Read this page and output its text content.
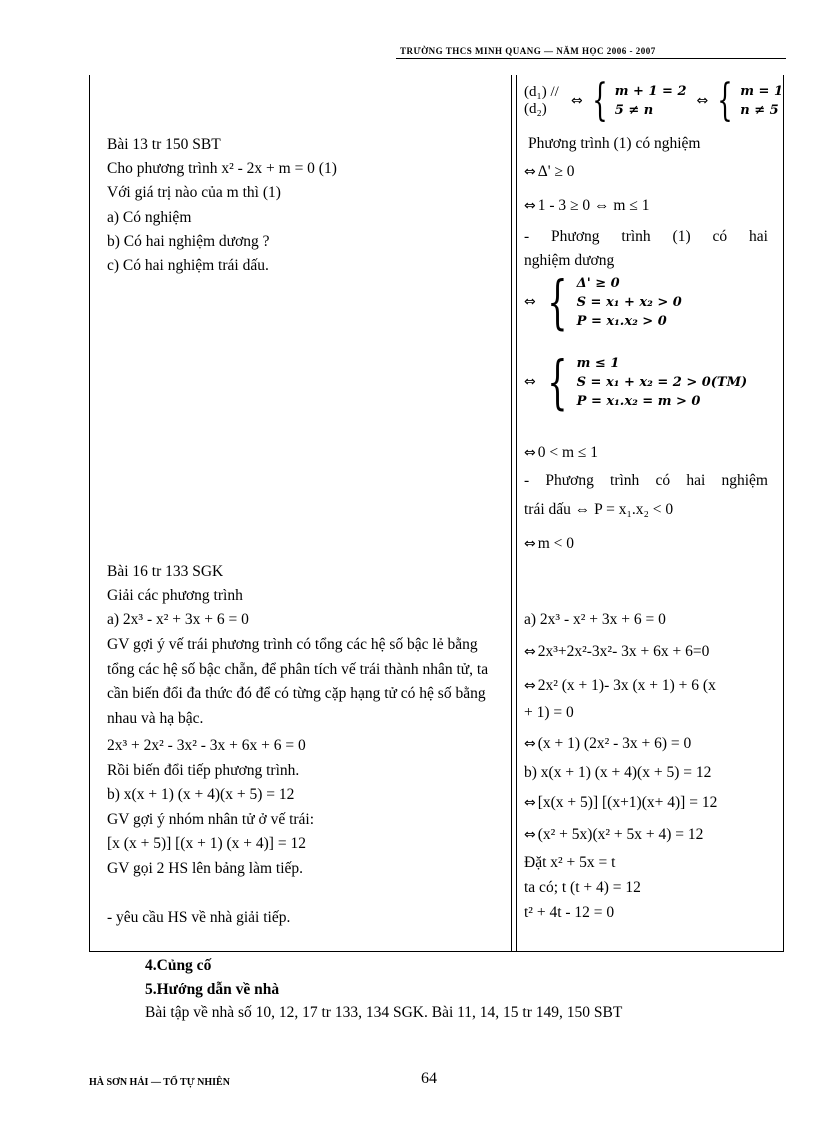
TRƯỜNG THCS MINH QUANG — NĂM HỌC 2006 - 2007
Bài 13 tr 150 SBT
Cho phương trình x² - 2x + m = 0 (1)
Với giá trị nào của m thì (1)
a) Có nghiệm
b) Có hai nghiệm dương ?
c) Có hai nghiệm trái dấu.
Bài 16 tr 133 SGK
Giải các phương trình
a) 2x³ - x² + 3x + 6 = 0
GV gợi ý vế trái phương trình có tổng các hệ số bậc lẻ bằng tổng các hệ số bậc chẵn, để phân tích vế trái thành nhân tử, ta cần biến đổi đa thức đó để có từng cặp hạng tử có hệ số bằng nhau và hạ bậc.
2x³ + 2x² - 3x² - 3x + 6x + 6 = 0
Rồi biến đổi tiếp phương trình.
b) x(x + 1) (x + 4)(x + 5) = 12
GV gợi ý nhóm nhân tử ở vế trái:
[x (x + 5)] [(x + 1) (x + 4)] = 12
GV gọi 2 HS lên bảng làm tiếp.
- yêu cầu HS về nhà giải tiếp.
(d₁) // (d₂)	⇔ { m + 1 = 2
5 ≠ n
⇔ { m = 1
n ≠ 5
Phương trình (1) có nghiệm
⇔ Δ' ≥ 0
⇔ 1 - 3 ≥ 0 ⇔ m ≤ 1
- Phương trình (1) có hai
nghiệm dương
⇔ { Δ' ≥ 0
S = x₁ + x₂ > 0
P = x₁.x₂ > 0
⇔ { m ≤ 1
S = x₁ + x₂ = 2 > 0(TM)
P = x₁.x₂ = m > 0
⇔ 0 < m ≤ 1
- Phương trình có hai nghiệm
trái dấu ⇔ P = x₁.x₂ < 0
⇔ m < 0
a) 2x³ - x² + 3x + 6 = 0
⇔ 2x³+2x²-3x²- 3x + 6x + 6=0
⇔ 2x² (x + 1)- 3x (x + 1) + 6 (x
+ 1) = 0
⇔ (x + 1) (2x² - 3x + 6) = 0
b) x(x + 1) (x + 4)(x + 5) = 12
⇔ [x(x + 5)] [(x+1)(x+ 4)] = 12
⇔ (x² + 5x)(x² + 5x + 4) = 12
Đặt x² + 5x = t
ta có; t (t + 4) = 12
t² + 4t - 12 = 0
4.Củng cố
5.Hướng dẫn về nhà
Bài tập về nhà số 10, 12, 17 tr 133, 134 SGK. Bài 11, 14, 15 tr 149, 150 SBT
HÀ SƠN HẢI — TỔ TỰ NHIÊN	64
